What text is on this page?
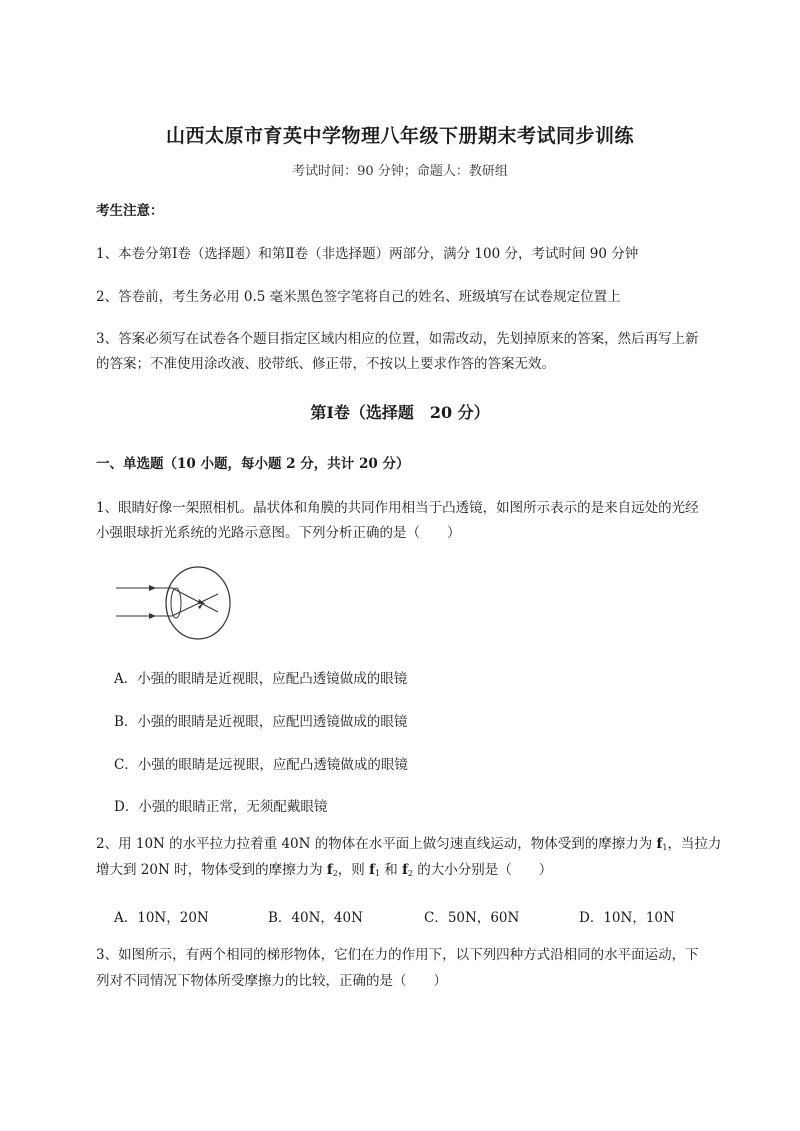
山西太原市育英中学物理八年级下册期末考试同步训练
考试时间：90 分钟；命题人：教研组
考生注意：
1、本卷分第Ⅰ卷（选择题）和第Ⅱ卷（非选择题）两部分，满分 100 分，考试时间 90 分钟
2、答卷前，考生务必用 0.5 毫米黑色签字笔将自己的姓名、班级填写在试卷规定位置上
3、答案必须写在试卷各个题目指定区域内相应的位置，如需改动，先划掉原来的答案，然后再写上新
的答案；不准使用涂改液、胶带纸、修正带，不按以上要求作答的答案无效。
第Ⅰ卷（选择题　20 分）
一、单选题（10 小题，每小题 2 分，共计 20 分）
1、眼睛好像一架照相机。晶状体和角膜的共同作用相当于凸透镜，如图所示表示的是来自远处的光经
小强眼球折光系统的光路示意图。下列分析正确的是（　　）
A．小强的眼睛是近视眼，应配凸透镜做成的眼镜
B．小强的眼睛是近视眼，应配凹透镜做成的眼镜
C．小强的眼睛是远视眼，应配凸透镜做成的眼镜
D．小强的眼睛正常，无须配戴眼镜
2、用 10N 的水平拉力拉着重 40N 的物体在水平面上做匀速直线运动，物体受到的摩擦力为 $f_1$，当拉力
增大到 20N 时，物体受到的摩擦力为 $f_2$，则 $f_1$ 和 $f_2$ 的大小分别是（　　）
A．10N，20N	B．40N，40N	C．50N，60N	D．10N，10N
3、如图所示，有两个相同的梯形物体，它们在力的作用下，以下列四种方式沿相同的水平面运动，下
列对不同情况下物体所受摩擦力的比较，正确的是（　　）
